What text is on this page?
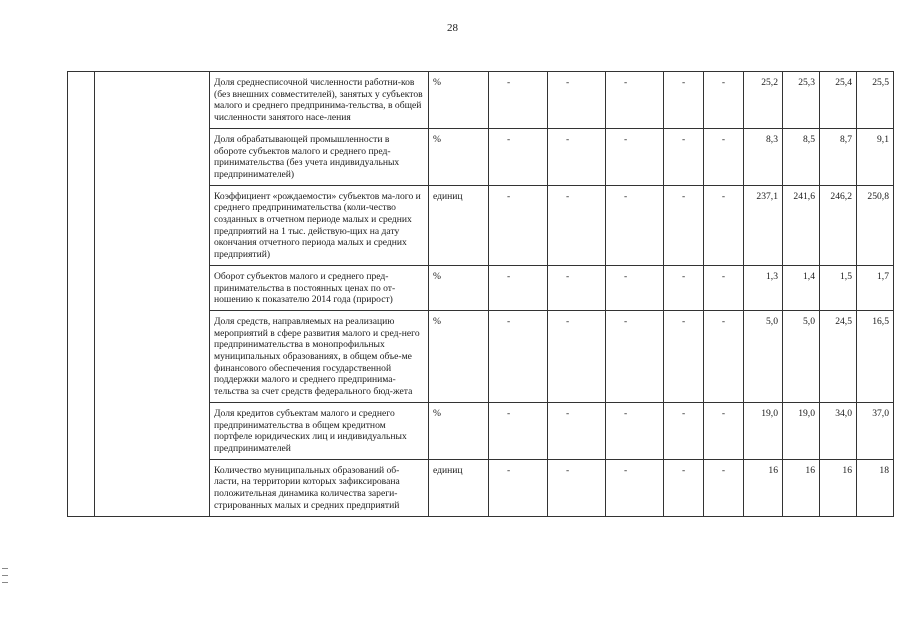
28
		Доля среднесписочной численности работни-ков (без внешних совместителей), занятых у субъектов малого и среднего предпринима-тельства, в общей численности занятого насе-ления	%	-	-	-	-	-	25,2	25,3	25,4	25,5
		Доля обрабатывающей промышленности в обороте субъектов малого и среднего пред-принимательства (без учета индивидуальных предпринимателей)	%	-	-	-	-	-	8,3	8,5	8,7	9,1
		Коэффициент «рождаемости» субъектов ма-лого и среднего предпринимательства (коли-чество созданных в отчетном периоде малых и средних предприятий на 1 тыс. действую-щих на дату окончания отчетного периода малых и средних предприятий)	единиц	-	-	-	-	-	237,1	241,6	246,2	250,8
		Оборот субъектов малого и среднего пред-принимательства в постоянных ценах по от-ношению к показателю 2014 года (прирост)	%	-	-	-	-	-	1,3	1,4	1,5	1,7
		Доля средств, направляемых на реализацию мероприятий в сфере развития малого и сред-него предпринимательства в монопрофильных муниципальных образованиях, в общем объе-ме финансового обеспечения государственной поддержки малого и среднего предпринима-тельства за счет средств федерального бюд-жета	%	-	-	-	-	-	5,0	5,0	24,5	16,5
		Доля кредитов субъектам малого и среднего предпринимательства в общем кредитном портфеле юридических лиц и индивидуальных предпринимателей	%	-	-	-	-	-	19,0	19,0	34,0	37,0
		Количество муниципальных образований об-ласти, на территории которых зафиксирована положительная динамика количества зареги-стрированных малых и средних предприятий	единиц	-	-	-	-	-	16	16	16	18
